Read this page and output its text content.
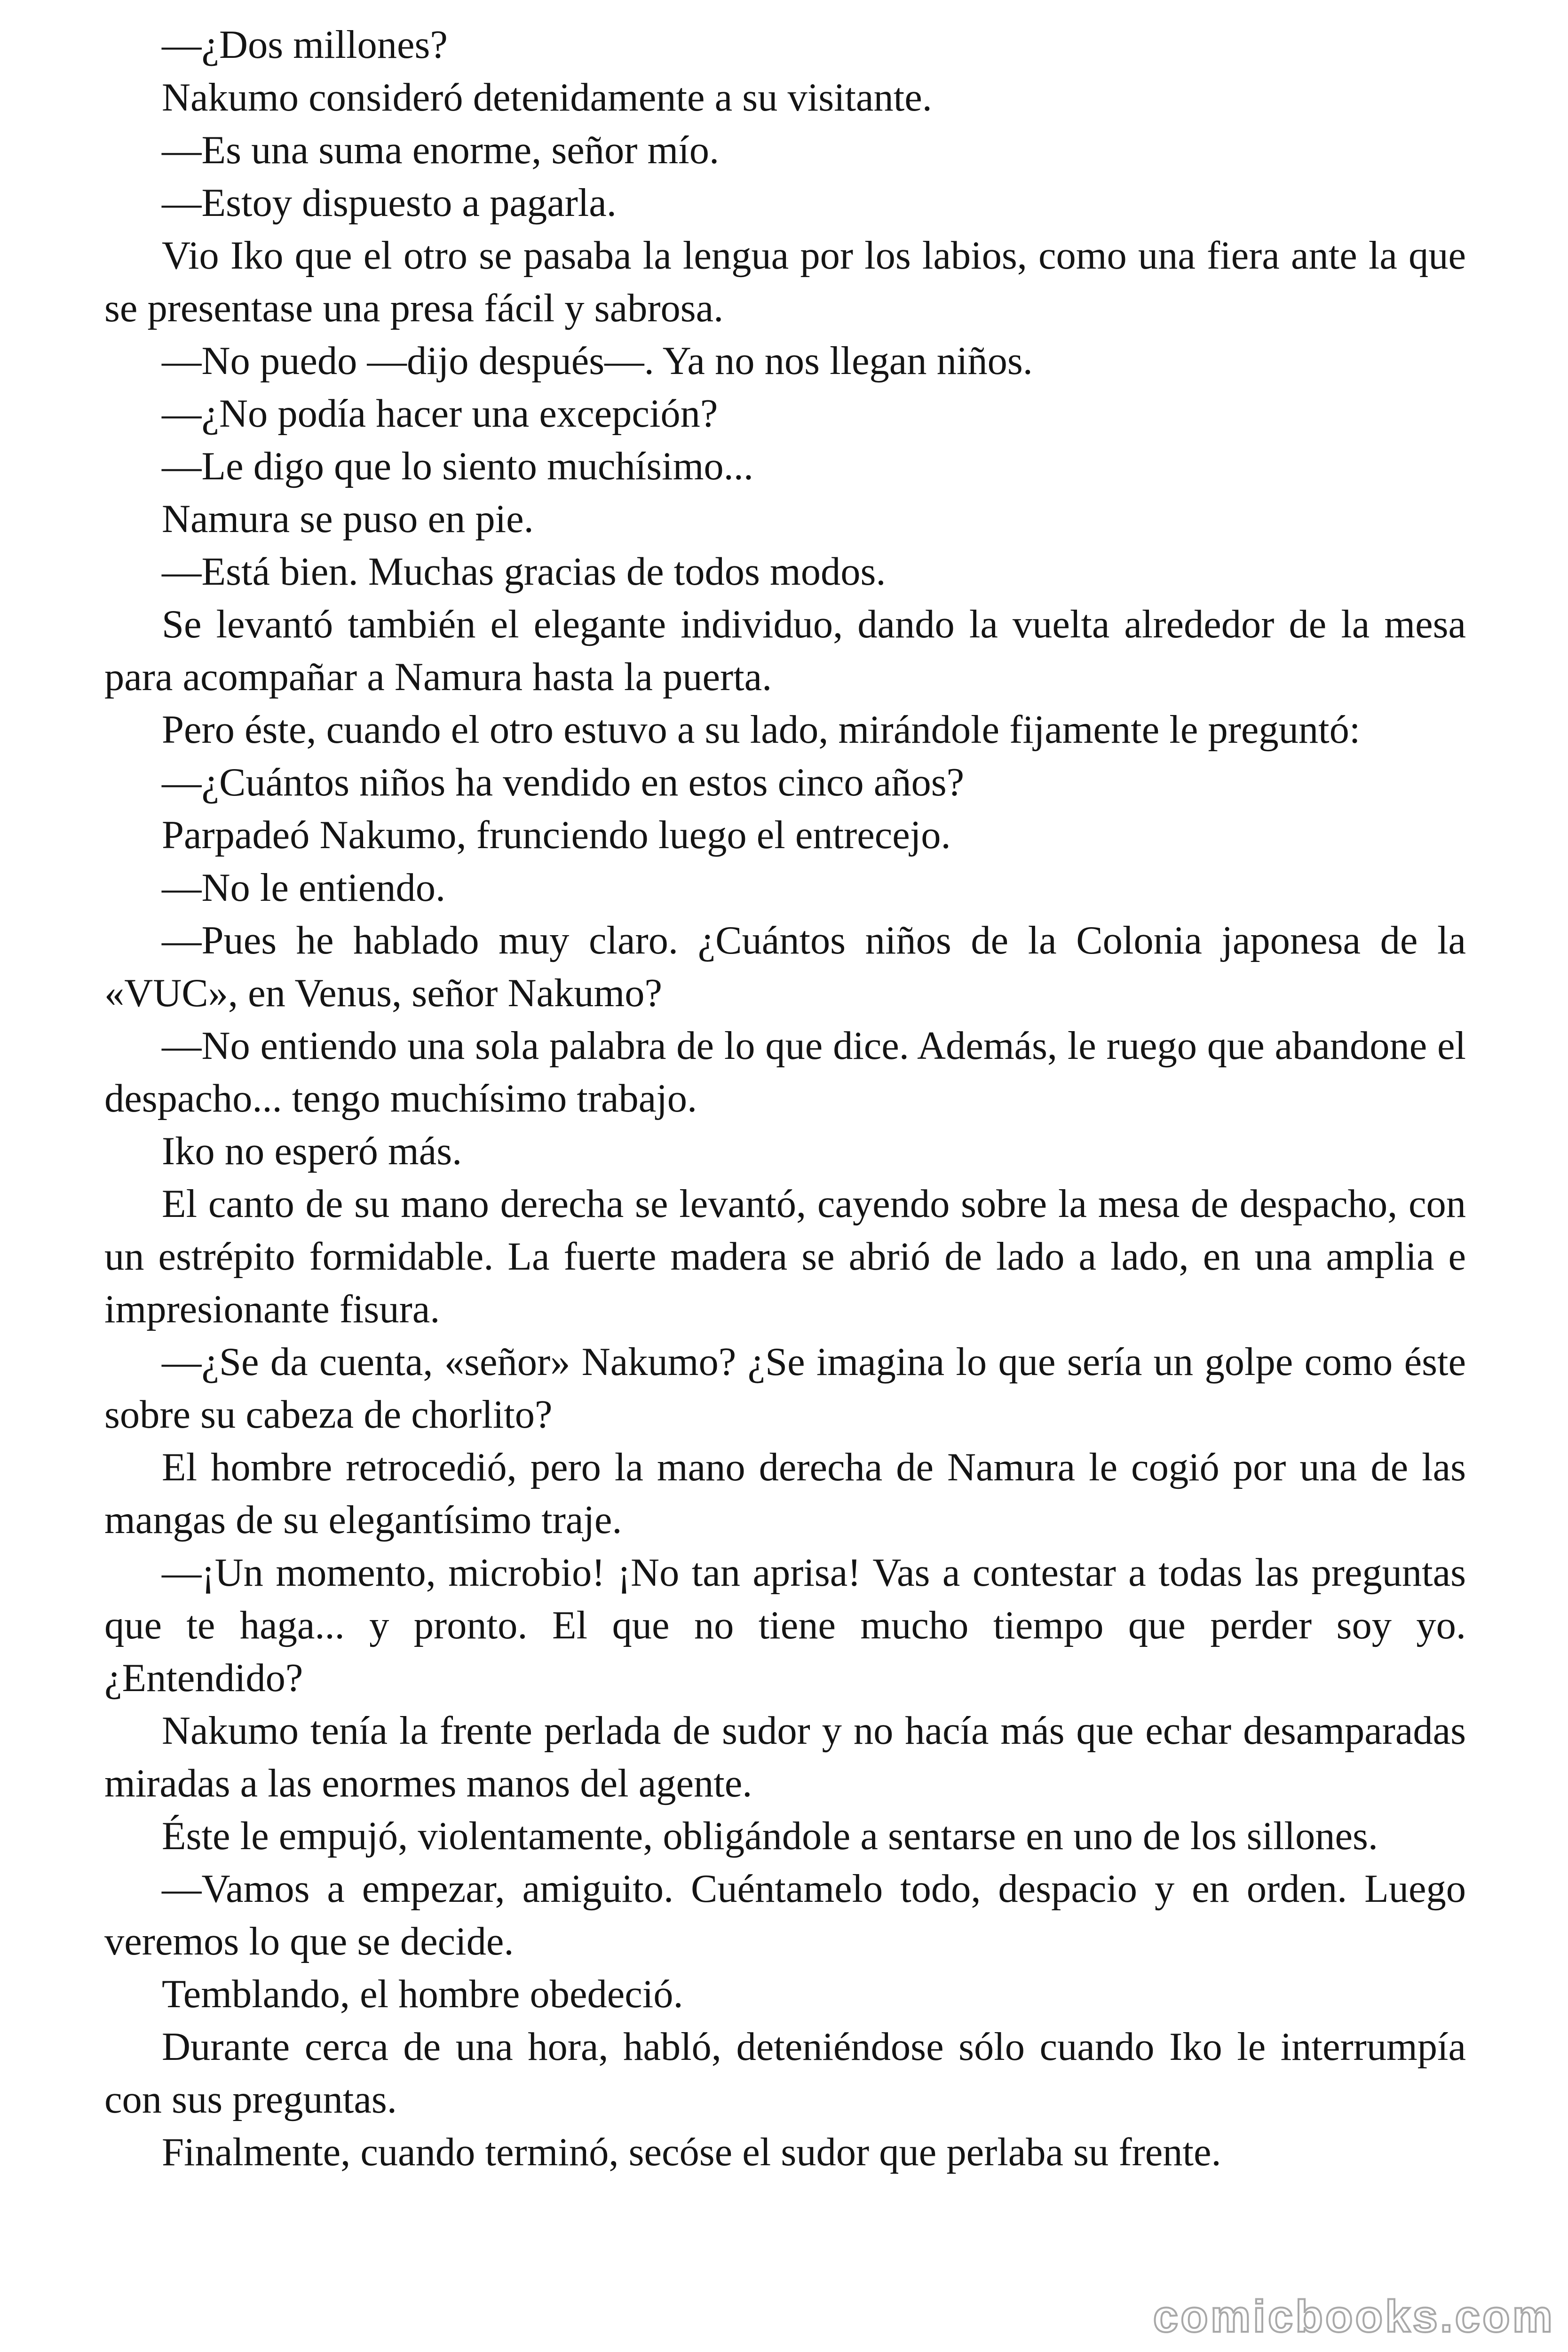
—¿Dos millones?

Nakumo consideró detenidamente a su visitante.

—Es una suma enorme, señor mío.

—Estoy dispuesto a pagarla.

Vio Iko que el otro se pasaba la lengua por los labios, como una fiera ante la que se presentase una presa fácil y sabrosa.

—No puedo —dijo después—. Ya no nos llegan niños.

—¿No podía hacer una excepción?

—Le digo que lo siento muchísimo...

Namura se puso en pie.

—Está bien. Muchas gracias de todos modos.

Se levantó también el elegante individuo, dando la vuelta alrededor de la mesa para acompañar a Namura hasta la puerta.

Pero éste, cuando el otro estuvo a su lado, mirándole fijamente le preguntó:

—¿Cuántos niños ha vendido en estos cinco años?

Parpadeó Nakumo, frunciendo luego el entrecejo.

—No le entiendo.

—Pues he hablado muy claro. ¿Cuántos niños de la Colonia japonesa de la «VUC», en Venus, señor Nakumo?

—No entiendo una sola palabra de lo que dice. Además, le ruego que abandone el despacho... tengo muchísimo trabajo.

Iko no esperó más.

El canto de su mano derecha se levantó, cayendo sobre la mesa de despacho, con un estrépito formidable. La fuerte madera se abrió de lado a lado, en una amplia e impresionante fisura.

—¿Se da cuenta, «señor» Nakumo? ¿Se imagina lo que sería un golpe como éste sobre su cabeza de chorlito?

El hombre retrocedió, pero la mano derecha de Namura le cogió por una de las mangas de su elegantísimo traje.

—¡Un momento, microbio! ¡No tan aprisa! Vas a contestar a todas las preguntas que te haga... y pronto. El que no tiene mucho tiempo que perder soy yo. ¿Entendido?

Nakumo tenía la frente perlada de sudor y no hacía más que echar desamparadas miradas a las enormes manos del agente.

Éste le empujó, violentamente, obligándole a sentarse en uno de los sillones.

—Vamos a empezar, amiguito. Cuéntamelo todo, despacio y en orden. Luego veremos lo que se decide.

Temblando, el hombre obedeció.

Durante cerca de una hora, habló, deteniéndose sólo cuando Iko le interrumpía con sus preguntas.

Finalmente, cuando terminó, secóse el sudor que perlaba su frente.

comicbooks.com
